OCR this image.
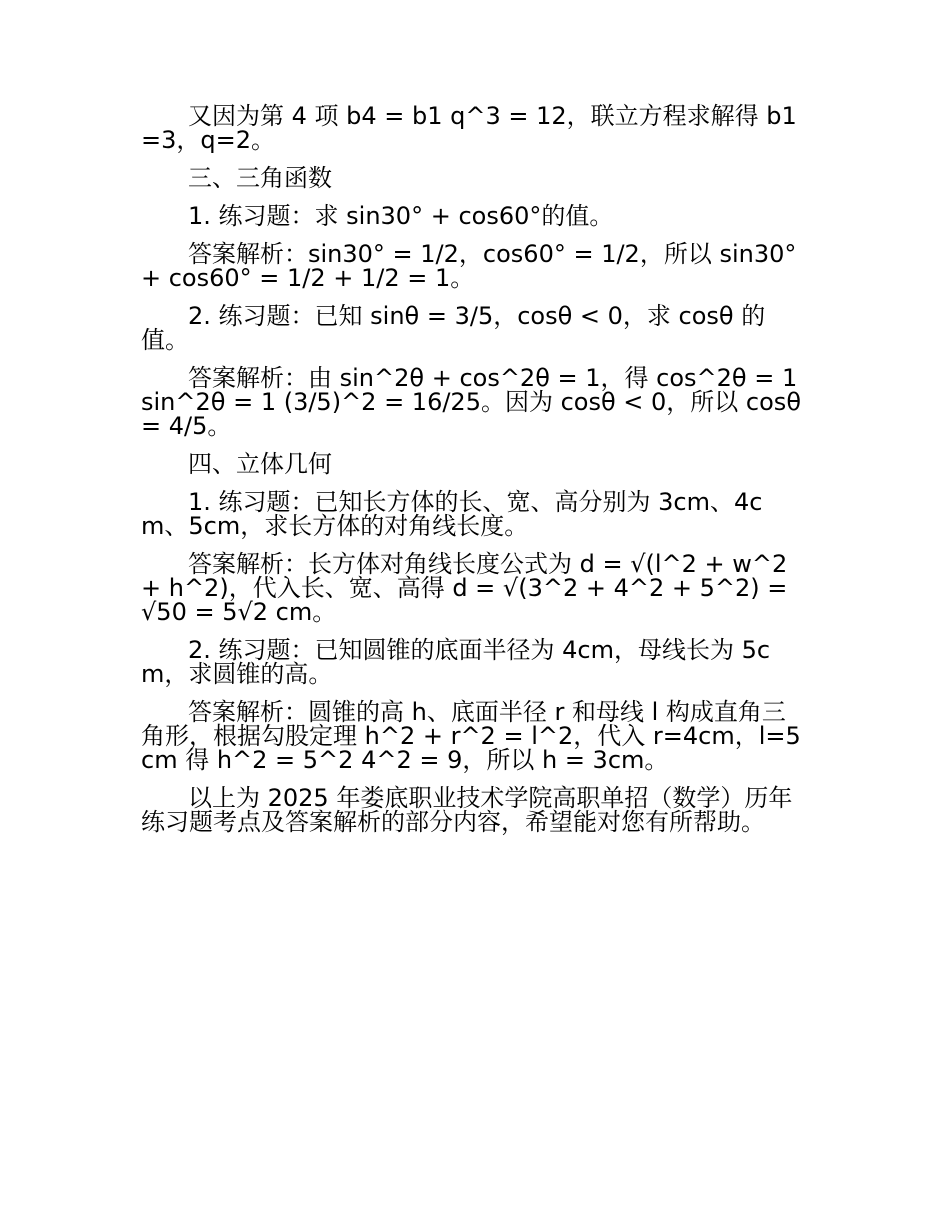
又因为第 4 项 b4 = b1 q^3 = 12，联立方程求解得 b1=3，q=2。

三、三角函数

1. 练习题：求 sin30° + cos60°的值。

答案解析：sin30° = 1/2，cos60° = 1/2，所以 sin30° + cos60° = 1/2 + 1/2 = 1。

2. 练习题：已知 sinθ = 3/5，cosθ < 0，求 cosθ 的值。

答案解析：由 sin^2θ + cos^2θ = 1，得 cos^2θ = 1 sin^2θ = 1 (3/5)^2 = 16/25。因为 cosθ < 0，所以 cosθ = 4/5。

四、立体几何

1. 练习题：已知长方体的长、宽、高分别为 3cm、4cm、5cm，求长方体的对角线长度。

答案解析：长方体对角线长度公式为 d = √(l^2 + w^2 + h^2)，代入长、宽、高得 d = √(3^2 + 4^2 + 5^2) = √50 = 5√2 cm。

2. 练习题：已知圆锥的底面半径为 4cm，母线长为 5cm，求圆锥的高。

答案解析：圆锥的高 h、底面半径 r 和母线 l 构成直角三角形，根据勾股定理 h^2 + r^2 = l^2，代入 r=4cm，l=5cm 得 h^2 = 5^2 4^2 = 9，所以 h = 3cm。

以上为 2025 年娄底职业技术学院高职单招（数学）历年练习题考点及答案解析的部分内容，希望能对您有所帮助。
